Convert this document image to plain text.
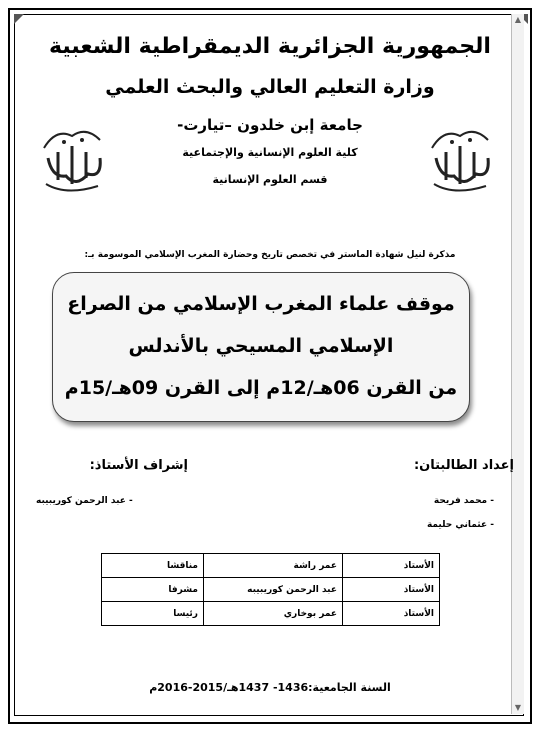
▲
▼
الجمهورية الجزائرية الديمقراطية الشعبية
وزارة التعليم العالي والبحث العلمي
جامعة إبن خلدون –تيارت-
كلية العلوم الإنسانية والإجتماعية
قسم العلوم الإنسانية
مذكرة لنيل شهادة الماستر في تخصص تاريخ وحضارة المغرب الإسلامي الموسومة بـ:
موقف علماء المغرب الإسلامي من الصراع
الإسلامي المسيحي بالأندلس
من القرن 06هـ/12م إلى القرن 09هـ/15م
إعداد الطالبتان:
إشراف الأستاذ:
- محمد فريحة
- عثماني حليمة
- عبد الرحمن كوريبيبه
الأستاذ	عمر راشة	مناقشا
الأستاذ	عبد الرحمن كوريبيبه	مشرفا
الأستاذ	عمر بوخاري	رئيسا
السنة الجامعية:1436- 1437هـ/2015-2016م
